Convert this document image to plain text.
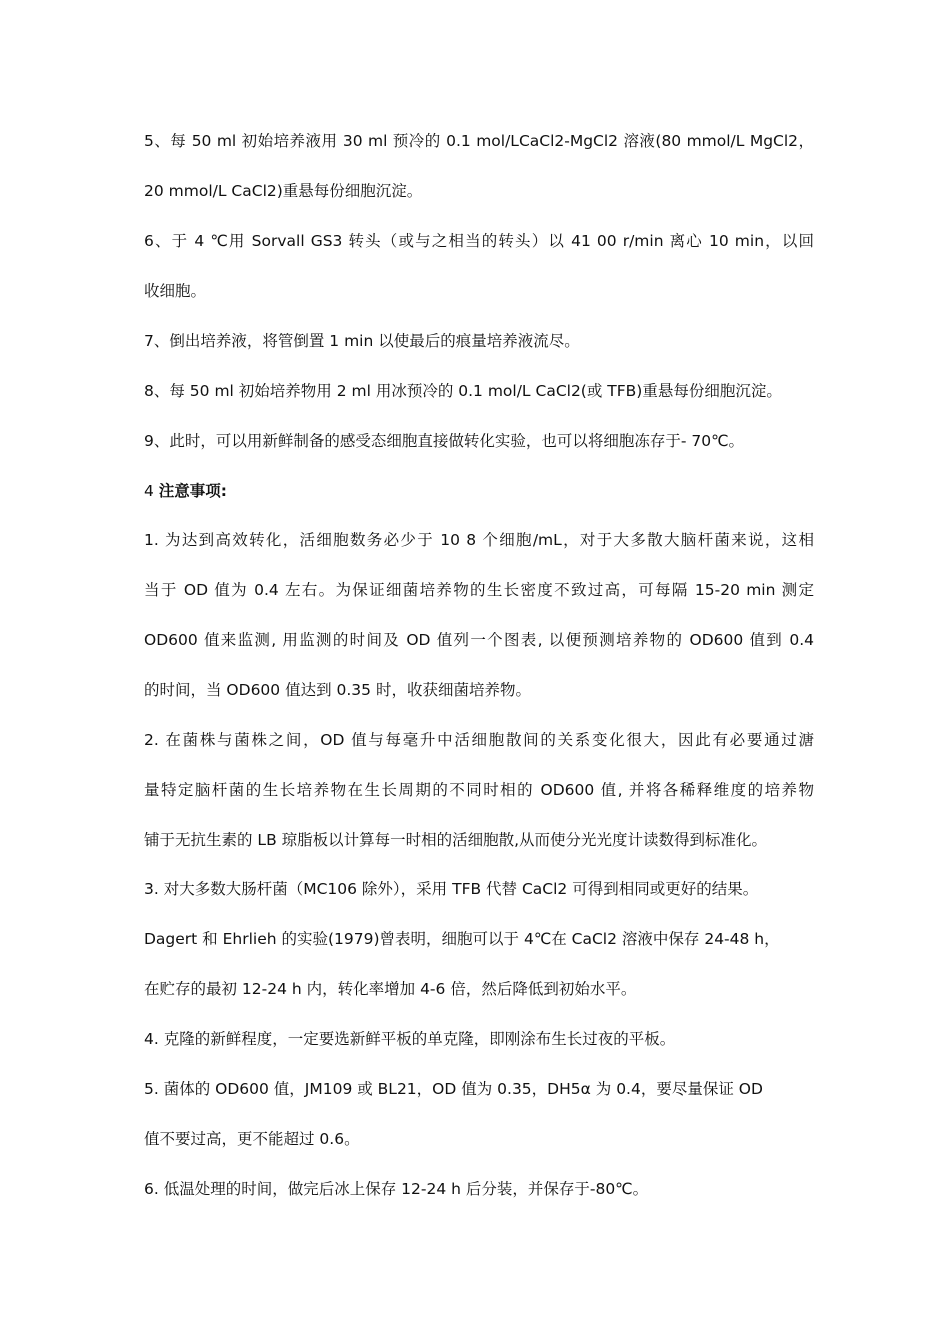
5、每 50 ml 初始培养液用 30 ml 预冷的 0.1 mol/LCaCl2-MgCl2 溶液(80 mmol/L MgCl2，
20 mmol/L CaCl2)重悬每份细胞沉淀。
6、于 4 ℃用 Sorvall GS3 转头（或与之相当的转头）以 41 00 r/min 离心 10 min，以回
收细胞。
7、倒出培养液，将管倒置 1 min 以使最后的痕量培养液流尽。
8、每 50 ml 初始培养物用 2 ml 用冰预冷的 0.1 mol/L CaCl2(或 TFB)重悬每份细胞沉淀。
9、此时，可以用新鲜制备的感受态细胞直接做转化实验，也可以将细胞冻存于- 70℃。
4 注意事项:
1. 为达到高效转化，活细胞数务必少于 10 8 个细胞/mL，对于大多散大脑杆菌来说，这相
当于 OD 值为 0.4 左右。为保证细菌培养物的生长密度不致过高，可每隔 15-20 min 测定
OD600 值来监测, 用监测的时间及 OD 值列一个图表, 以便预测培养物的 OD600 值到 0.4
的时间，当 OD600 值达到 0.35 时，收获细菌培养物。
2. 在菌株与菌株之间，OD 值与每毫升中活细胞散间的关系变化很大，因此有必要通过溏
量特定脑杆菌的生长培养物在生长周期的不同时相的 OD600 值, 并将各稀释维度的培养物
铺于无抗生素的 LB 琼脂板以计算每一时相的活细胞散,从而使分光光度计读数得到标准化。
3. 对大多数大肠杆菌（MC106 除外），采用 TFB 代替 CaCl2 可得到相同或更好的结果。
Dagert 和 Ehrlieh 的实验(1979)曾表明，细胞可以于 4℃在 CaCl2 溶液中保存 24-48 h，
在贮存的最初 12-24 h 内，转化率增加 4-6 倍，然后降低到初始水平。
4. 克隆的新鲜程度，一定要选新鲜平板的单克隆，即刚涂布生长过夜的平板。
5. 菌体的 OD600 值，JM109 或 BL21，OD 值为 0.35，DH5α 为 0.4，要尽量保证 OD
值不要过高，更不能超过 0.6。
6. 低温处理的时间，做完后冰上保存 12-24 h 后分装，并保存于-80℃。
